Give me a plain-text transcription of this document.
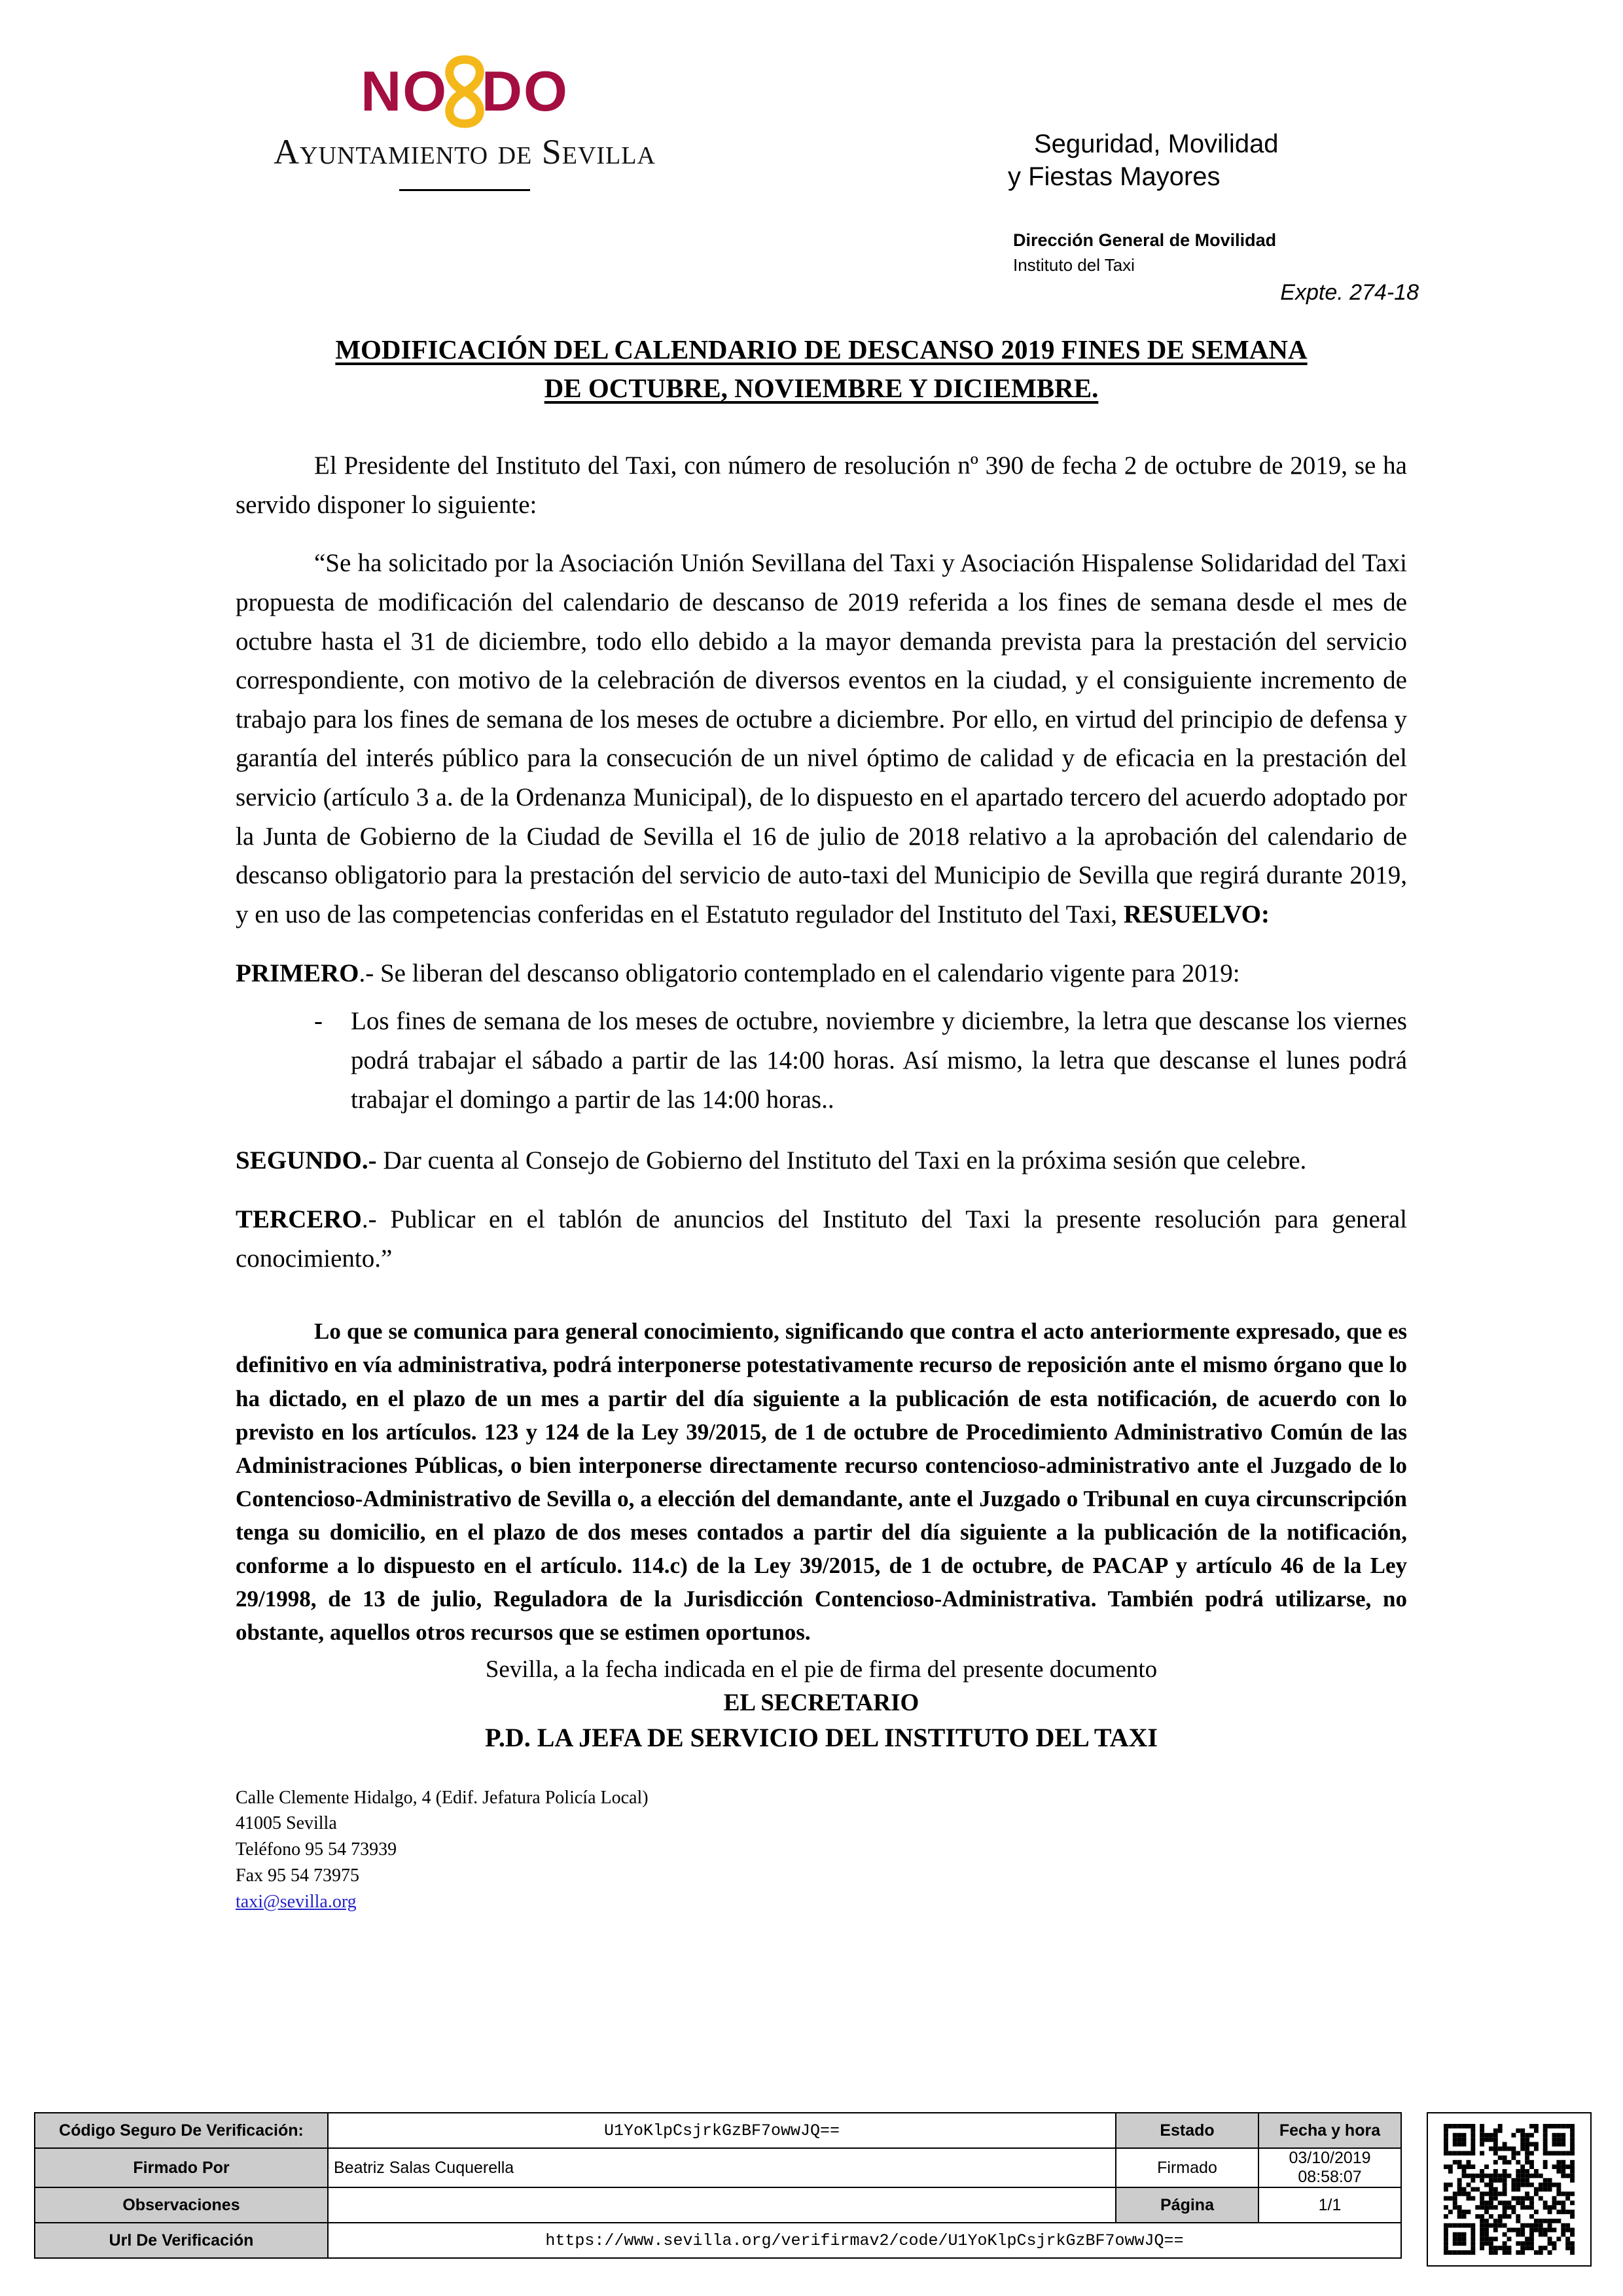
NO  DO
Ayuntamiento de Sevilla	Seguridad, Movilidad
y Fiestas Mayores
Dirección General de Movilidad
Instituto del Taxi
Expte. 274-18
MODIFICACIÓN DEL CALENDARIO DE DESCANSO 2019 FINES DE SEMANA
DE OCTUBRE, NOVIEMBRE Y DICIEMBRE.

El Presidente del Instituto del Taxi, con número de resolución nº 390 de fecha 2 de octubre de 2019, se ha servido disponer lo siguiente:

“Se ha solicitado por la Asociación Unión Sevillana del Taxi y Asociación Hispalense Solidaridad del Taxi propuesta de modificación del calendario de descanso de 2019 referida a los fines de semana desde el mes de octubre hasta el 31 de diciembre, todo ello debido a la mayor demanda prevista para la prestación del servicio correspondiente, con motivo de la celebración de diversos eventos en la ciudad, y el consiguiente incremento de trabajo para los fines de semana de los meses de octubre a diciembre. Por ello, en virtud del principio de defensa y garantía del interés público para la consecución de un nivel óptimo de calidad y de eficacia en la prestación del servicio (artículo 3 a. de la Ordenanza Municipal), de lo dispuesto en el apartado tercero del acuerdo adoptado por la Junta de Gobierno de la Ciudad de Sevilla el 16 de julio de 2018 relativo a la aprobación del calendario de descanso obligatorio para la prestación del servicio de auto-taxi del Municipio de Sevilla que regirá durante 2019, y en uso de las competencias conferidas en el Estatuto regulador del Instituto del Taxi, RESUELVO:

PRIMERO.- Se liberan del descanso obligatorio contemplado en el calendario vigente para 2019:

-	Los fines de semana de los meses de octubre, noviembre y diciembre, la letra que descanse los viernes podrá trabajar el sábado a partir de las 14:00 horas. Así mismo, la letra que descanse el lunes podrá trabajar el domingo a partir de las 14:00 horas..

SEGUNDO.- Dar cuenta al Consejo de Gobierno del Instituto del Taxi en la próxima sesión que celebre.

TERCERO.- Publicar en el tablón de anuncios del Instituto del Taxi la presente resolución para general conocimiento.”

Lo que se comunica para general conocimiento, significando que contra el acto anteriormente expresado, que es definitivo en vía administrativa, podrá interponerse potestativamente recurso de reposición ante el mismo órgano que lo ha dictado, en el plazo de un mes a partir del día siguiente a la publicación de esta notificación, de acuerdo con lo previsto en los artículos. 123 y 124 de la Ley 39/2015, de 1 de octubre de Procedimiento Administrativo Común de las Administraciones Públicas, o bien interponerse directamente recurso contencioso-administrativo ante el Juzgado de lo Contencioso-Administrativo de Sevilla o, a elección del demandante, ante el Juzgado o Tribunal en cuya circunscripción tenga su domicilio, en el plazo de dos meses contados a partir del día siguiente a la publicación de la notificación, conforme a lo dispuesto en el artículo. 114.c) de la Ley 39/2015, de 1 de octubre, de PACAP y artículo 46 de la Ley 29/1998, de 13 de julio, Reguladora de la Jurisdicción Contencioso-Administrativa. También podrá utilizarse, no obstante, aquellos otros recursos que se estimen oportunos.

Sevilla, a la fecha indicada en el pie de firma del presente documento
EL SECRETARIO
P.D. LA JEFA DE SERVICIO DEL INSTITUTO DEL TAXI
Calle Clemente Hidalgo, 4 (Edif. Jefatura Policía Local)
41005 Sevilla
Teléfono 95 54 73939
Fax 95 54 73975
taxi@sevilla.org
Código Seguro De Verificación:	U1YoKlpCsjrkGzBF7owwJQ==	Estado	Fecha y hora
Firmado Por	Beatriz Salas Cuquerella	Firmado	03/10/2019 08:58:07
Observaciones		Página	1/1
Url De Verificación	https://www.sevilla.org/verifirmav2/code/U1YoKlpCsjrkGzBF7owwJQ==		
